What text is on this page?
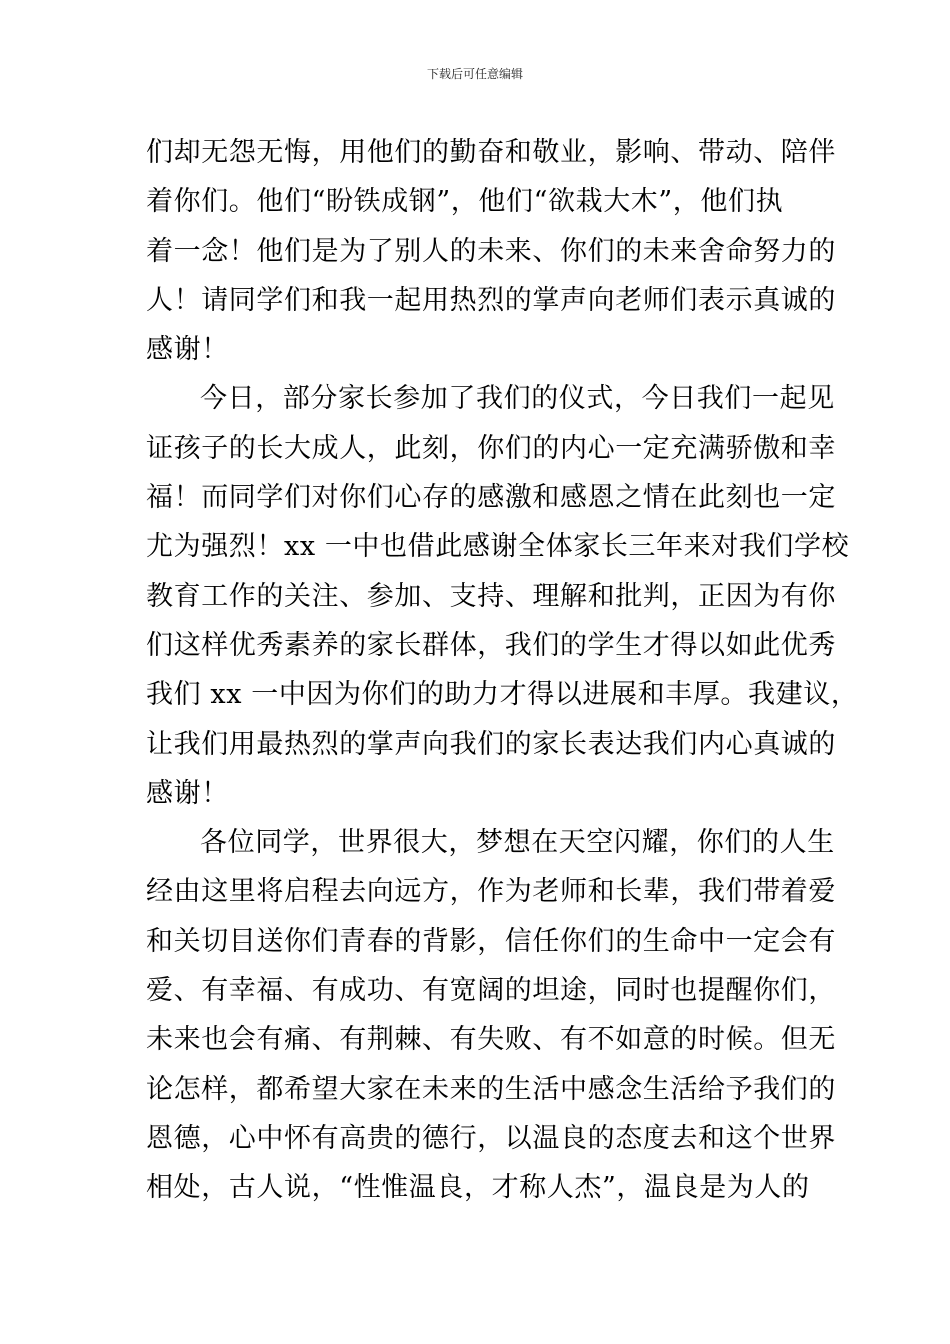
下载后可任意编辑
们却无怨无悔，用他们的勤奋和敬业，影响、带动、陪伴
着你们。他们“盼铁成钢”，他们“欲栽大木”，他们执
着一念！他们是为了别人的未来、你们的未来舍命努力的
人！请同学们和我一起用热烈的掌声向老师们表示真诚的
感谢！
今日，部分家长参加了我们的仪式，今日我们一起见
证孩子的长大成人，此刻，你们的内心一定充满骄傲和幸
福！而同学们对你们心存的感激和感恩之情在此刻也一定
尤为强烈！xx 一中也借此感谢全体家长三年来对我们学校
教育工作的关注、参加、支持、理解和批判，正因为有你
们这样优秀素养的家长群体，我们的学生才得以如此优秀
我们 xx 一中因为你们的助力才得以进展和丰厚。我建议，
让我们用最热烈的掌声向我们的家长表达我们内心真诚的
感谢！
各位同学，世界很大，梦想在天空闪耀，你们的人生
经由这里将启程去向远方，作为老师和长辈，我们带着爱
和关切目送你们青春的背影，信任你们的生命中一定会有
爱、有幸福、有成功、有宽阔的坦途，同时也提醒你们，
未来也会有痛、有荆棘、有失败、有不如意的时候。但无
论怎样，都希望大家在未来的生活中感念生活给予我们的
恩德，心中怀有高贵的德行，以温良的态度去和这个世界
相处，古人说，“性惟温良，才称人杰”，温良是为人的
